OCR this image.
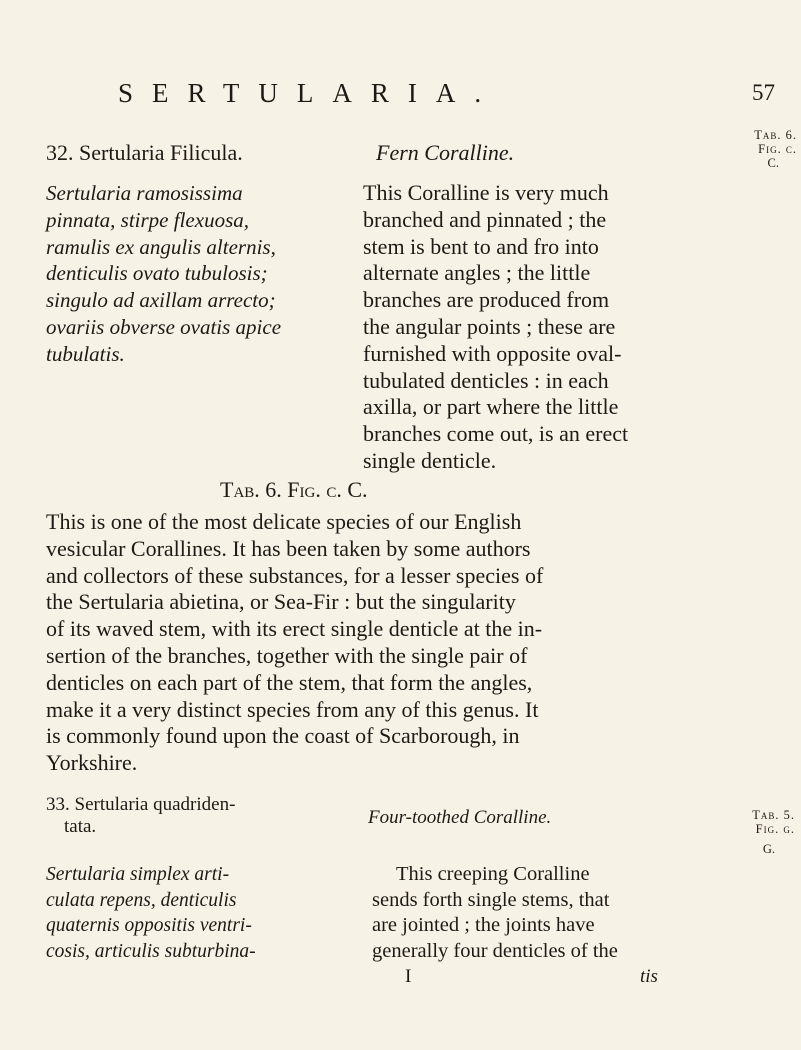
SERTULARIA.	57
Tab. 6.
Fig. c.
C.
32. Sertularia Filicula.	Fern Coralline.
Sertularia ramosissima
pinnata, stirpe flexuosa,
ramulis ex angulis alternis,
denticulis ovato tubulosis;
singulo ad axillam arrecto;
ovariis obverse ovatis apice
tubulatis.
This Coralline is very much
branched and pinnated ; the
stem is bent to and fro into
alternate angles ; the little
branches are produced from
the angular points ; these are
furnished with opposite oval-
tubulated denticles : in each
axilla, or part where the little
branches come out, is an erect
single denticle.
Tab. 6. Fig. c. C.
This is one of the most delicate species of our English
vesicular Corallines. It has been taken by some authors
and collectors of these substances, for a lesser species of
the Sertularia abietina, or Sea-Fir : but the singularity
of its waved stem, with its erect single denticle at the in-
sertion of the branches, together with the single pair of
denticles on each part of the stem, that form the angles,
make it a very distinct species from any of this genus. It
is commonly found upon the coast of Scarborough, in
Yorkshire.
33. Sertularia quadriden-
tata.	Four-toothed Coralline.	Tab. 5.
Fig. g.
G.
Sertularia simplex arti-
culata repens, denticulis
quaternis oppositis ventri-
cosis, articulis subturbina-
This creeping Coralline
sends forth single stems, that
are jointed ; the joints have
generally four denticles of the
I	tis
